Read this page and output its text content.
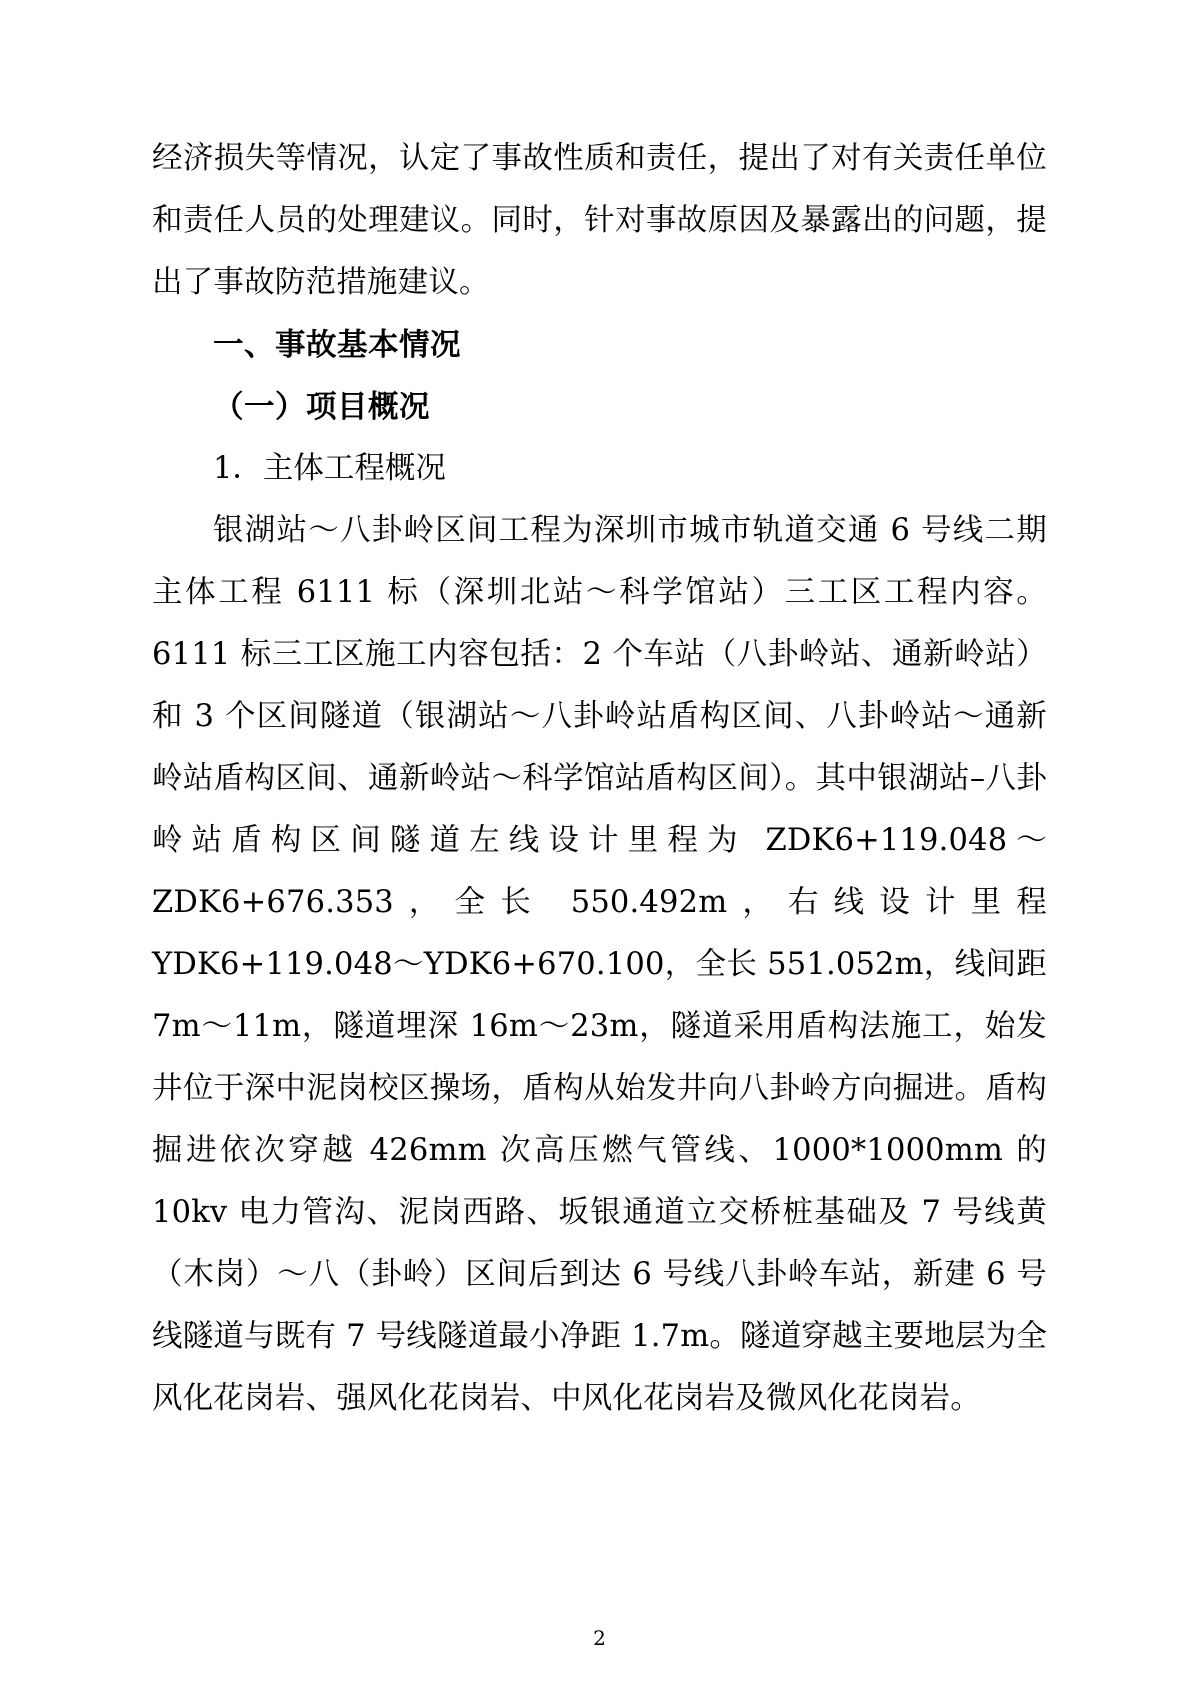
经济损失等情况，认定了事故性质和责任，提出了对有关责任单位和责任人员的处理建议。同时，针对事故原因及暴露出的问题，提出了事故防范措施建议。

一、事故基本情况

（一）项目概况

1．主体工程概况

银湖站～八卦岭区间工程为深圳市城市轨道交通 6 号线二期主体工程 6111 标（深圳北站～科学馆站）三工区工程内容。6111 标三工区施工内容包括：2 个车站（八卦岭站、通新岭站）和 3 个区间隧道（银湖站～八卦岭站盾构区间、八卦岭站～通新岭站盾构区间、通新岭站～科学馆站盾构区间）。其中银湖站–八卦岭站盾构区间隧道左线设计里程为 ZDK6+119.048～ZDK6+676.353，全长 550.492m，右线设计里程 YDK6+119.048～YDK6+670.100，全长 551.052m，线间距 7m～11m，隧道埋深 16m～23m，隧道采用盾构法施工，始发井位于深中泥岗校区操场，盾构从始发井向八卦岭方向掘进。盾构掘进依次穿越 426mm 次高压燃气管线、1000*1000mm 的 10kv 电力管沟、泥岗西路、坂银通道立交桥桩基础及 7 号线黄（木岗）～八（卦岭）区间后到达 6 号线八卦岭车站，新建 6 号线隧道与既有 7 号线隧道最小净距 1.7m。隧道穿越主要地层为全风化花岗岩、强风化花岗岩、中风化花岗岩及微风化花岗岩。

2
